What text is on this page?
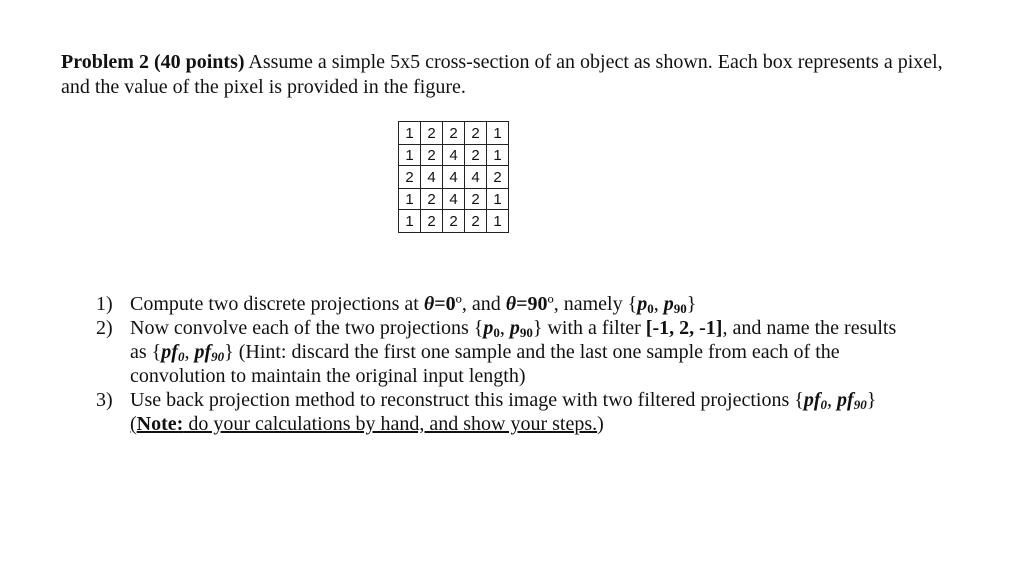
Problem 2 (40 points) Assume a simple 5x5 cross-section of an object as shown. Each box represents a pixel, and the value of the pixel is provided in the figure.
1	2	2	2	1
1	2	4	2	1
2	4	4	4	2
1	2	4	2	1
1	2	2	2	1
1) Compute two discrete projections at θ=0º, and θ=90º, namely {$p_0$, $p_{90}$}
2) Now convolve each of the two projections {$p_0$, $p_{90}$} with a filter [-1, 2, -1], and name the results as {$pf_0$, $pf_{90}$} (Hint: discard the first one sample and the last one sample from each of the convolution to maintain the original input length)
3) Use back projection method to reconstruct this image with two filtered projections {$pf_0$, $pf_{90}$}
(Note: do your calculations by hand, and show your steps.)
